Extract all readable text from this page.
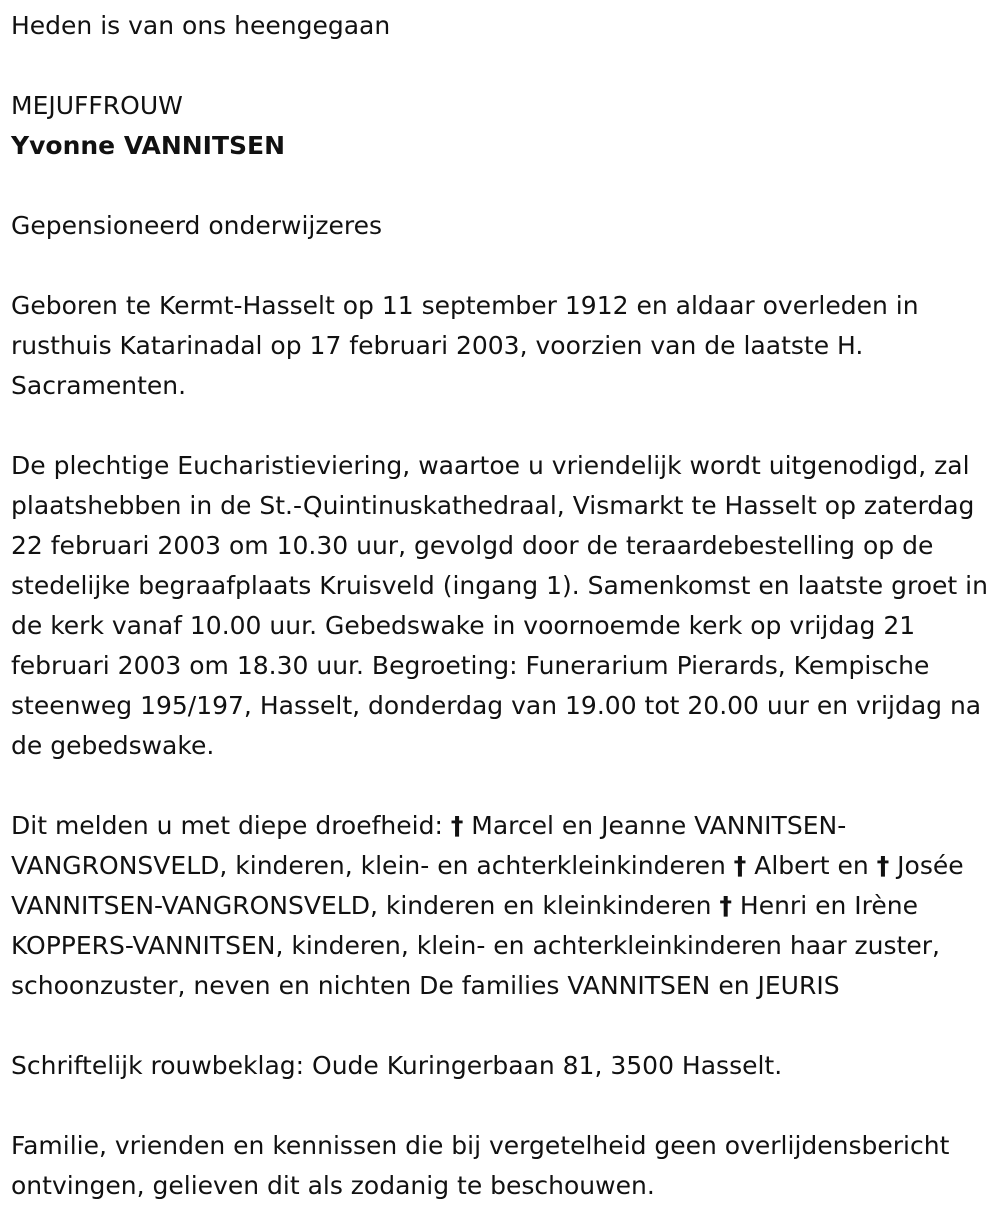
Heden is van ons heengegaan

MEJUFFROUW

Yvonne VANNITSEN

Gepensioneerd onderwijzeres

Geboren te Kermt-Hasselt op 11 september 1912 en aldaar overleden in rusthuis Katarinadal op 17 februari 2003, voorzien van de laatste H. Sacramenten.

De plechtige Eucharistieviering, waartoe u vriendelijk wordt uitgenodigd, zal plaatshebben in de St.-Quintinuskathedraal, Vismarkt te Hasselt op zaterdag 22 februari 2003 om 10.30 uur, gevolgd door de teraardebestelling op de stedelijke begraafplaats Kruisveld (ingang 1). Samenkomst en laatste groet in de kerk vanaf 10.00 uur. Gebedswake in voornoemde kerk op vrijdag 21 februari 2003 om 18.30 uur. Begroeting: Funerarium Pierards, Kempische steenweg 195/197, Hasselt, donderdag van 19.00 tot 20.00 uur en vrijdag na de gebedswake.

Dit melden u met diepe droefheid: † Marcel en Jeanne VANNITSEN-VANGRONSVELD, kinderen, klein- en achterkleinkinderen † Albert en † Josée VANNITSEN-VANGRONSVELD, kinderen en kleinkinderen † Henri en Irène KOPPERS-VANNITSEN, kinderen, klein- en achterkleinkinderen haar zuster, schoonzuster, neven en nichten De families VANNITSEN en JEURIS

Schriftelijk rouwbeklag: Oude Kuringerbaan 81, 3500 Hasselt.

Familie, vrienden en kennissen die bij vergetelheid geen overlijdensbericht ontvingen, gelieven dit als zodanig te beschouwen.
